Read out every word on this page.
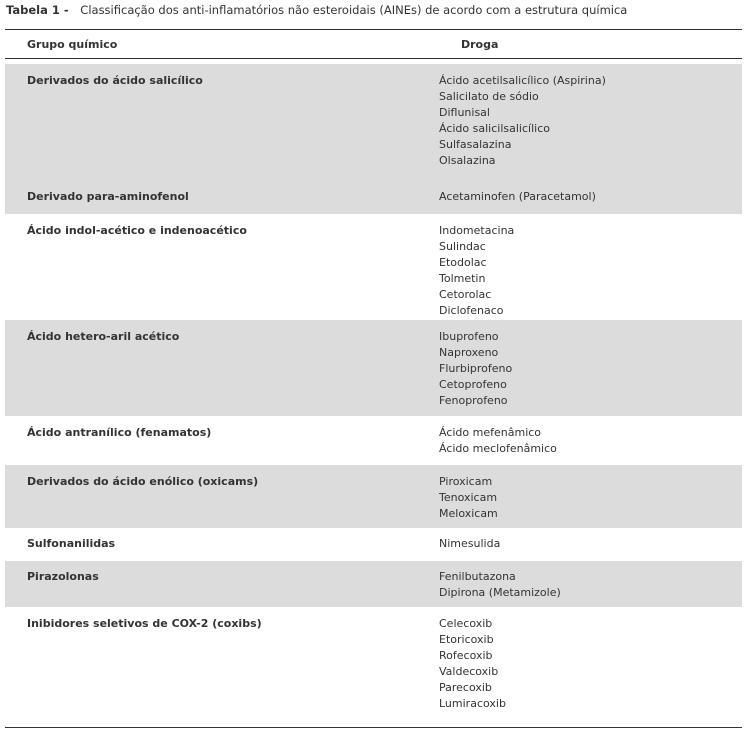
Tabela 1 - Classificação dos anti-inflamatórios não esteroidais (AINEs) de acordo com a estrutura química
Grupo químico	Droga
Derivados do ácido salicílico	Ácido acetilsalicílico (Aspirina)
Salicilato de sódio
Diflunisal
Ácido salicilsalicílico
Sulfasalazina
Olsalazina
Derivado para-aminofenol	Acetaminofen (Paracetamol)
Ácido indol-acético e indenoacético	Indometacina
Sulindac
Etodolac
Tolmetin
Cetorolac
Diclofenaco
Ácido hetero-aril acético	Ibuprofeno
Naproxeno
Flurbiprofeno
Cetoprofeno
Fenoprofeno
Ácido antranílico (fenamatos)	Ácido mefenâmico
Ácido meclofenâmico
Derivados do ácido enólico (oxicams)	Piroxicam
Tenoxicam
Meloxicam
Sulfonanilidas	Nimesulida
Pirazolonas	Fenilbutazona
Dipirona (Metamizole)
Inibidores seletivos de COX-2 (coxibs)	Celecoxib
Etoricoxib
Rofecoxib
Valdecoxib
Parecoxib
Lumiracoxib
